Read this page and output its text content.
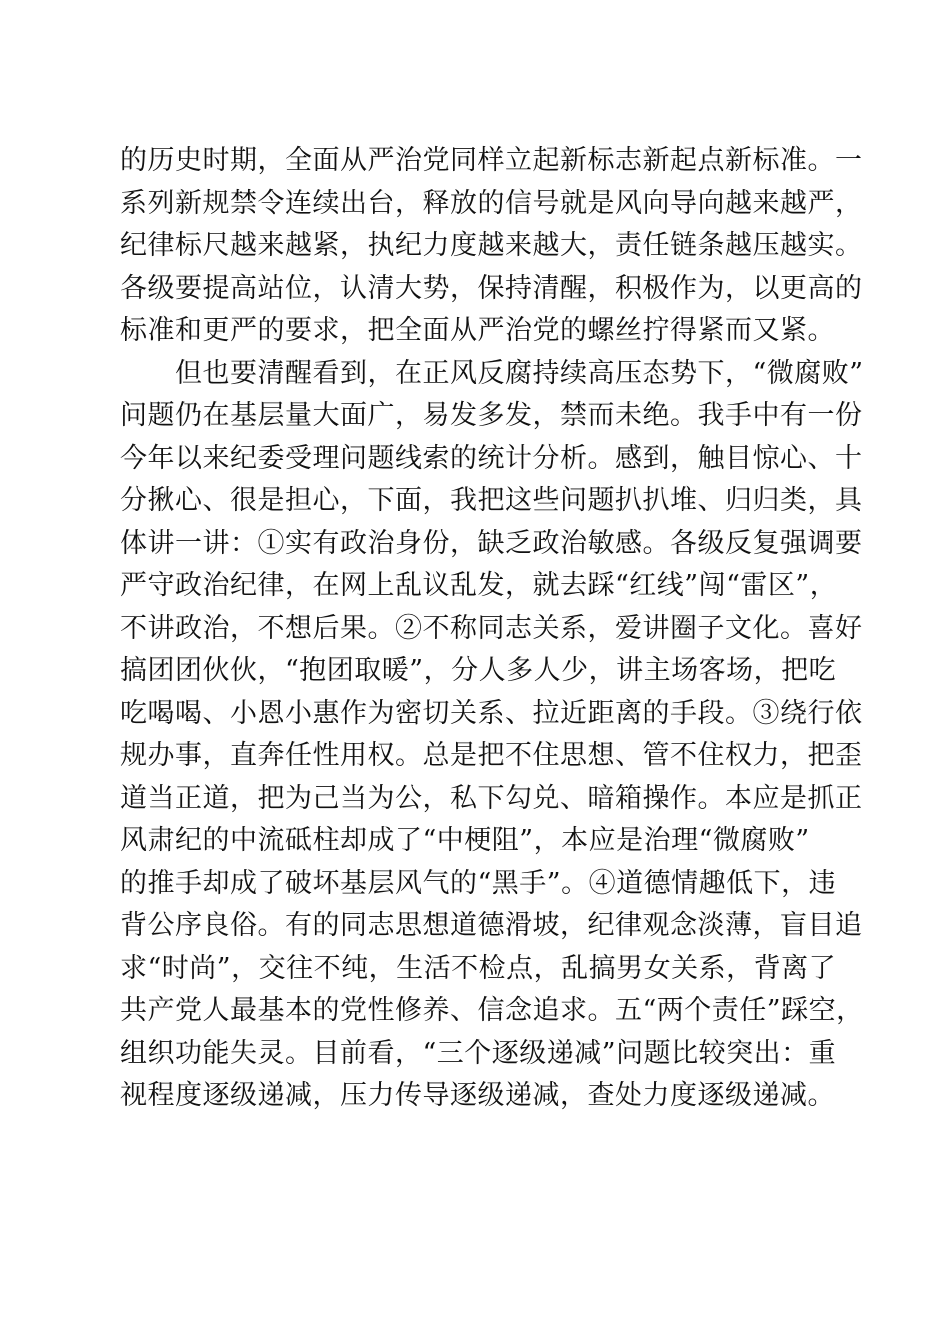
的历史时期，全面从严治党同样立起新标志新起点新标准。一
系列新规禁令连续出台，释放的信号就是风向导向越来越严，
纪律标尺越来越紧，执纪力度越来越大，责任链条越压越实。
各级要提高站位，认清大势，保持清醒，积极作为，以更高的
标准和更严的要求，把全面从严治党的螺丝拧得紧而又紧。
　　但也要清醒看到，在正风反腐持续高压态势下，“微腐败”
问题仍在基层量大面广，易发多发，禁而未绝。我手中有一份
今年以来纪委受理问题线索的统计分析。感到，触目惊心、十
分揪心、很是担心，下面，我把这些问题扒扒堆、归归类，具
体讲一讲：①实有政治身份，缺乏政治敏感。各级反复强调要
严守政治纪律，在网上乱议乱发，就去踩“红线”闯“雷区”，
不讲政治，不想后果。②不称同志关系，爱讲圈子文化。喜好
搞团团伙伙，“抱团取暖”，分人多人少，讲主场客场，把吃
吃喝喝、小恩小惠作为密切关系、拉近距离的手段。③绕行依
规办事，直奔任性用权。总是把不住思想、管不住权力，把歪
道当正道，把为己当为公，私下勾兑、暗箱操作。本应是抓正
风肃纪的中流砥柱却成了“中梗阻”，本应是治理“微腐败”
的推手却成了破坏基层风气的“黑手”。④道德情趣低下，违
背公序良俗。有的同志思想道德滑坡，纪律观念淡薄，盲目追
求“时尚”，交往不纯，生活不检点，乱搞男女关系，背离了
共产党人最基本的党性修养、信念追求。五“两个责任”踩空，
组织功能失灵。目前看，“三个逐级递减”问题比较突出：重
视程度逐级递减，压力传导逐级递减，查处力度逐级递减。
